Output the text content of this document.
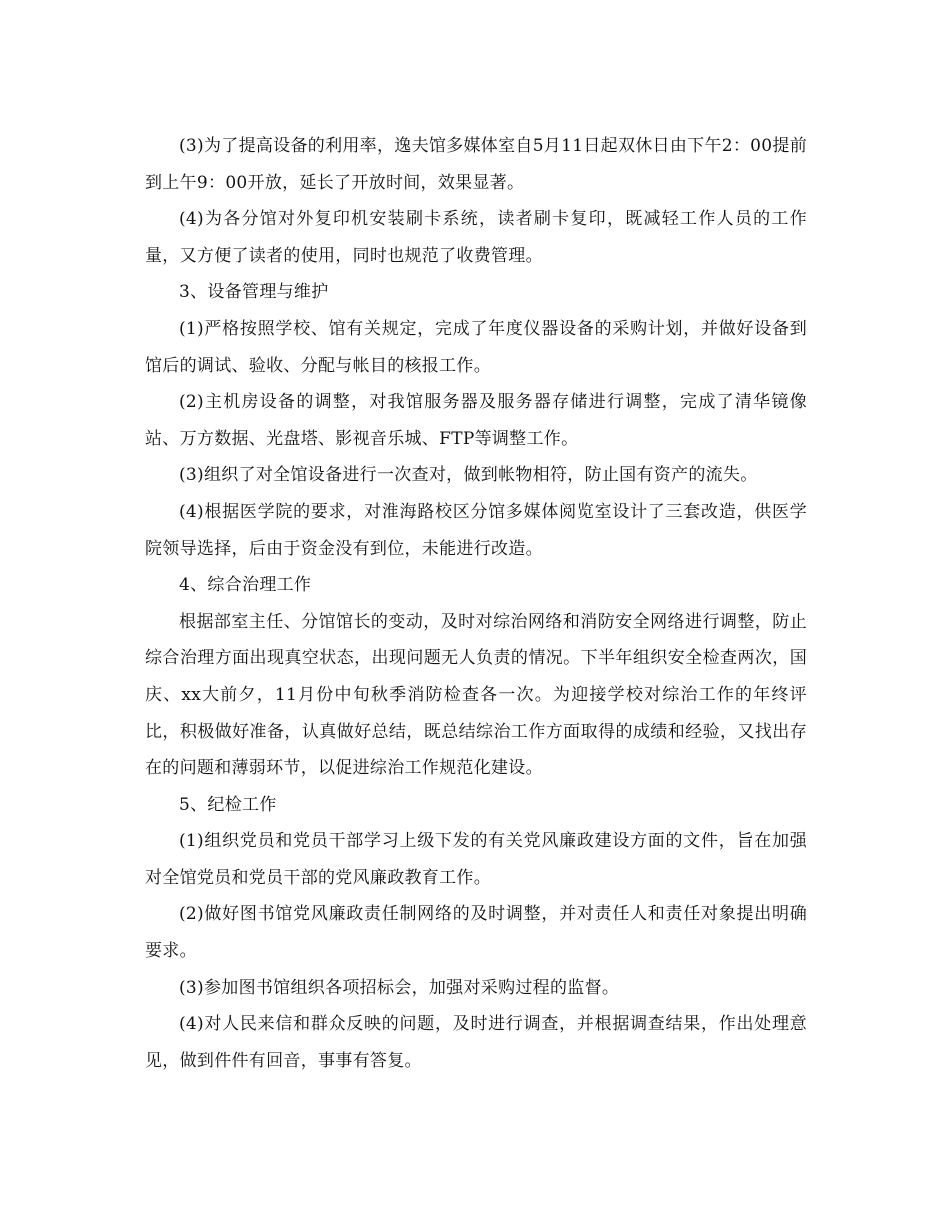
(3)为了提高设备的利用率，逸夫馆多媒体室自5月11日起双休日由下午2：00提前到上午9：00开放，延长了开放时间，效果显著。

(4)为各分馆对外复印机安装刷卡系统，读者刷卡复印，既减轻工作人员的工作量，又方便了读者的使用，同时也规范了收费管理。

3、设备管理与维护

(1)严格按照学校、馆有关规定，完成了年度仪器设备的采购计划，并做好设备到馆后的调试、验收、分配与帐目的核报工作。

(2)主机房设备的调整，对我馆服务器及服务器存储进行调整，完成了清华镜像站、万方数据、光盘塔、影视音乐城、FTP等调整工作。

(3)组织了对全馆设备进行一次查对，做到帐物相符，防止国有资产的流失。

(4)根据医学院的要求，对淮海路校区分馆多媒体阅览室设计了三套改造，供医学院领导选择，后由于资金没有到位，未能进行改造。

4、综合治理工作

根据部室主任、分馆馆长的变动，及时对综治网络和消防安全网络进行调整，防止综合治理方面出现真空状态，出现问题无人负责的情况。下半年组织安全检查两次，国庆、xx大前夕，11月份中旬秋季消防检查各一次。为迎接学校对综治工作的年终评比，积极做好准备，认真做好总结，既总结综治工作方面取得的成绩和经验，又找出存在的问题和薄弱环节，以促进综治工作规范化建设。

5、纪检工作

(1)组织党员和党员干部学习上级下发的有关党风廉政建设方面的文件，旨在加强对全馆党员和党员干部的党风廉政教育工作。

(2)做好图书馆党风廉政责任制网络的及时调整，并对责任人和责任对象提出明确要求。

(3)参加图书馆组织各项招标会，加强对采购过程的监督。

(4)对人民来信和群众反映的问题，及时进行调查，并根据调查结果，作出处理意见，做到件件有回音，事事有答复。
